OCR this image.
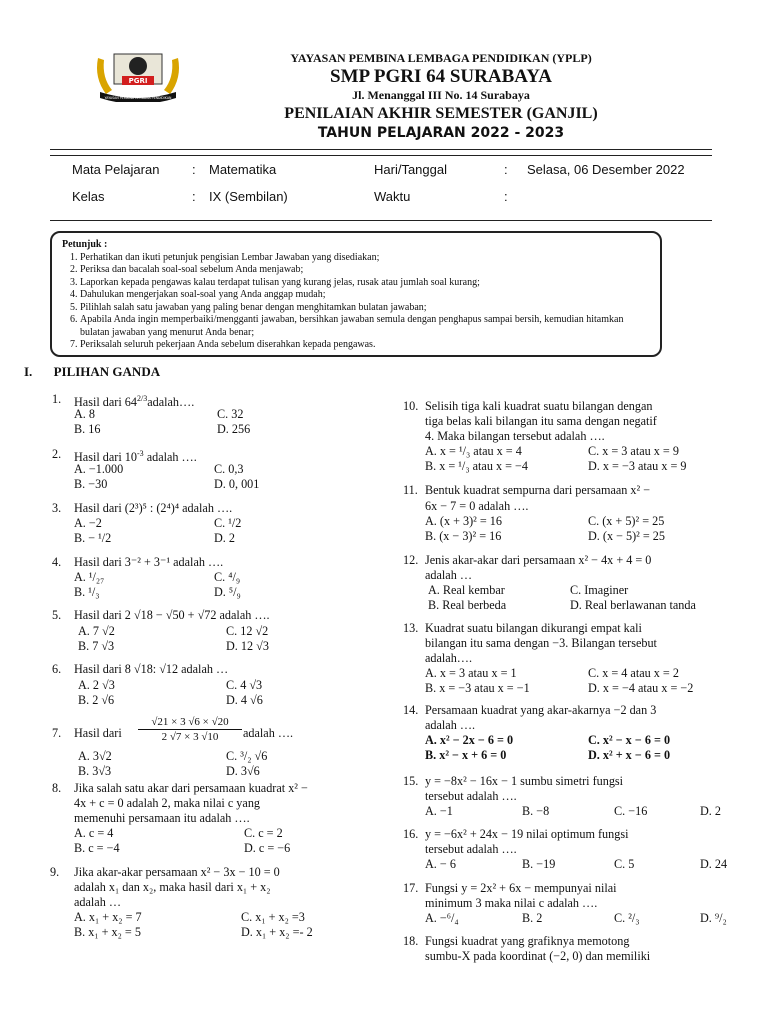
PGRI
YAYASAN PEMBINA LEMBAGA PENDIDIKAN
YAYASAN PEMBINA LEMBAGA PENDIDIKAN (YPLP)
SMP PGRI 64 SURABAYA
Jl. Menanggal III No. 14 Surabaya
PENILAIAN AKHIR SEMESTER (GANJIL)
TAHUN PELAJARAN 2022 - 2023
Mata Pelajaran	: Matematika	Hari/Tanggal	: Selasa, 06 Desember 2022
Kelas	: IX (Sembilan)	Waktu	:
Petunjuk :
1. Perhatikan dan ikuti petunjuk pengisian Lembar Jawaban yang disediakan;
2. Periksa dan bacalah soal-soal sebelum Anda menjawab;
3. Laporkan kepada pengawas kalau terdapat tulisan yang kurang jelas, rusak atau jumlah soal kurang;
4. Dahulukan mengerjakan soal-soal yang Anda anggap mudah;
5. Pilihlah salah satu jawaban yang paling benar dengan menghitamkan bulatan jawaban;
6. Apabila Anda ingin memperbaiki/mengganti jawaban, bersihkan jawaban semula dengan penghapus sampai bersih, kemudian hitamkan bulatan jawaban yang menurut Anda benar;
7. Periksalah seluruh pekerjaan Anda sebelum diserahkan kepada pengawas.
I. PILIHAN GANDA
1. Hasil dari $64^{2/3}adalah\dots$.
A. 8
B. 16
C. 32
D. 256
2. Hasil dari $10^{-3}$ adalah ….
A. −1.000
B. −30
C. 0,3
D. 0, 001
3. Hasil dari (2³)⁵ : (2⁴)⁴ adalah ….
A. −2
B. − ¹/2
C. ¹/2
D. 2
4. Hasil dari 3⁻² + 3⁻¹ adalah ….
A. ¹/₂₇
B. ¹/₃
C. ⁴/₉
D. ⁵/₉
5. Hasil dari 2 √18 − √50 + √72 adalah ….
A. 7 √2
B. 7 √3
C. 12 √2
D. 12 √3
6. Hasil dari 8 √18: √12 adalah …
A. 2 √3
B. 2 √6
C. 4 √3
D. 4 √6
7. Hasil dari
√21 × 3 √6 × √20
2 √7 × 3 √10	adalah ….
A. 3√2
B. 3√3
C. ³/₂ √6
D. 3√6
8. Jika salah satu akar dari persamaan kuadrat x² −
4x + c = 0 adalah 2, maka nilai c yang
memenuhi persamaan itu adalah ….
A. c = 4
B. c = −4
C. c = 2
D. c = −6
9. Jika akar-akar persamaan x² − 3x − 10 = 0
adalah x₁ dan x₂, maka hasil dari x₁ + x₂
adalah …
A. x₁ + x₂ = 7
B. x₁ + x₂ = 5
C. x₁ + x₂ =3
D. x₁ + x₂ =- 2
10. Selisih tiga kali kuadrat suatu bilangan dengan
tiga belas kali bilangan itu sama dengan negatif
4. Maka bilangan tersebut adalah ….
A. x = ¹/₃ atau x = 4
B. x = ¹/₃ atau x = −4
C. x = 3 atau x = 9
D. x = −3 atau x = 9
11. Bentuk kuadrat sempurna dari persamaan x² −
6x − 7 = 0 adalah ….
A. (x + 3)² = 16
B. (x − 3)² = 16
C. (x + 5)² = 25
D. (x − 5)² = 25
12. Jenis akar-akar dari persamaan x² − 4x + 4 = 0
adalah …
A. Real kembar
B. Real berbeda
C. Imaginer
D. Real berlawanan tanda
13. Kuadrat suatu bilangan dikurangi empat kali
bilangan itu sama dengan −3. Bilangan tersebut
adalah….
A. x = 3 atau x = 1
B. x = −3 atau x = −1
C. x = 4 atau x = 2
D. x = −4 atau x = −2
14. Persamaan kuadrat yang akar-akarnya −2 dan 3
adalah ….
A. x² − 2x − 6 = 0
B. x² − x + 6 = 0
C. x² − x − 6 = 0
D. x² + x − 6 = 0
15. y = −8x² − 16x − 1 sumbu simetri fungsi
tersebut adalah ….
A. −1	B. −8	C. −16	D. 2
16. y = −6x² + 24x − 19 nilai optimum fungsi
tersebut adalah ….
A. − 6	B. −19	C. 5	D. 24
17. Fungsi y = 2x² + 6x − mempunyai nilai
minimum 3 maka nilai c adalah ….
A. −⁶/₄	B. 2	C. ²/₃	D. ⁹/₂
18. Fungsi kuadrat yang grafiknya memotong
sumbu-X pada koordinat (−2, 0) dan memiliki
